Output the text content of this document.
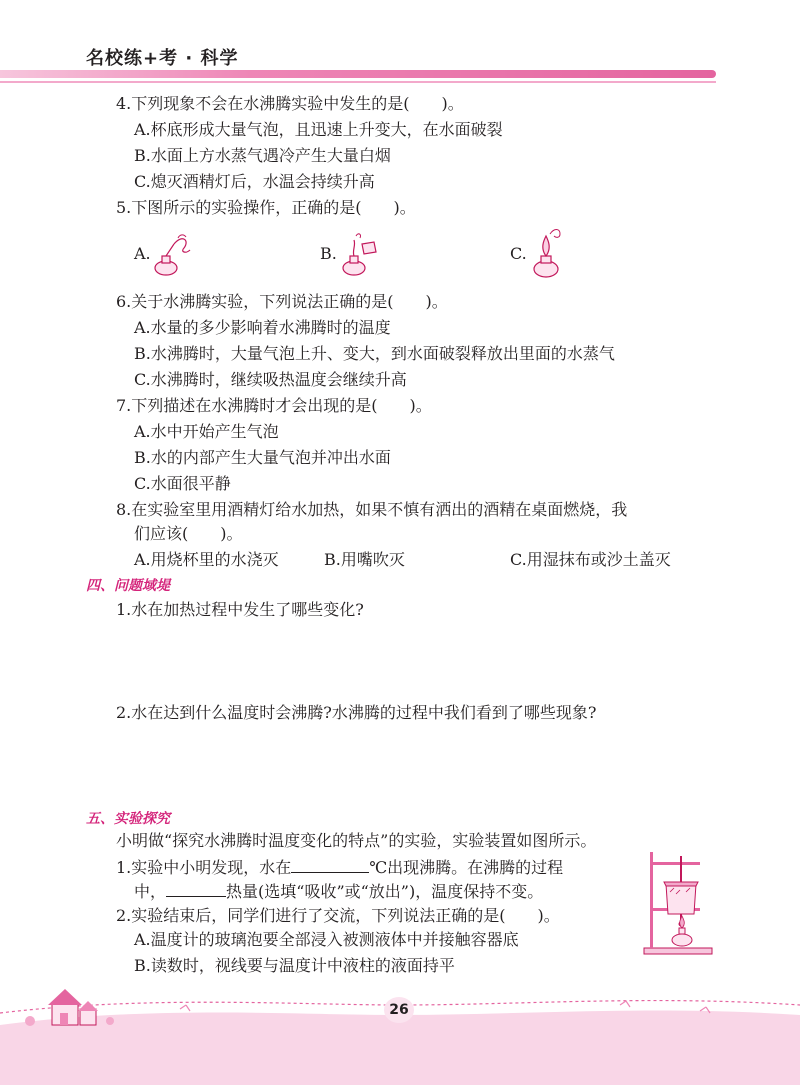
名校练+考 · 科学
4.下列现象不会在水沸腾实验中发生的是(　　)。
A.杯底形成大量气泡，且迅速上升变大，在水面破裂
B.水面上方水蒸气遇冷产生大量白烟
C.熄灭酒精灯后，水温会持续升高
5.下图所示的实验操作，正确的是(　　)。
A.	B.	C.
6.关于水沸腾实验，下列说法正确的是(　　)。
A.水量的多少影响着水沸腾时的温度
B.水沸腾时，大量气泡上升、变大，到水面破裂释放出里面的水蒸气
C.水沸腾时，继续吸热温度会继续升高
7.下列描述在水沸腾时才会出现的是(　　)。
A.水中开始产生气泡
B.水的内部产生大量气泡并冲出水面
C.水面很平静
8.在实验室里用酒精灯给水加热，如果不慎有洒出的酒精在桌面燃烧，我
们应该(　　)。
A.用烧杯里的水浇灭	B.用嘴吹灭	C.用湿抹布或沙土盖灭
四、问题域堤
1.水在加热过程中发生了哪些变化?
2.水在达到什么温度时会沸腾?水沸腾的过程中我们看到了哪些现象?
五、实验探究
小明做“探究水沸腾时温度变化的特点”的实验，实验装置如图所示。
1.实验中小明发现，水在	℃出现沸腾。在沸腾的过程
中，	热量(选填“吸收”或“放出”)，温度保持不变。
2.实验结束后，同学们进行了交流，下列说法正确的是(　　)。
A.温度计的玻璃泡要全部浸入被测液体中并接触容器底
B.读数时，视线要与温度计中液柱的液面持平
26
